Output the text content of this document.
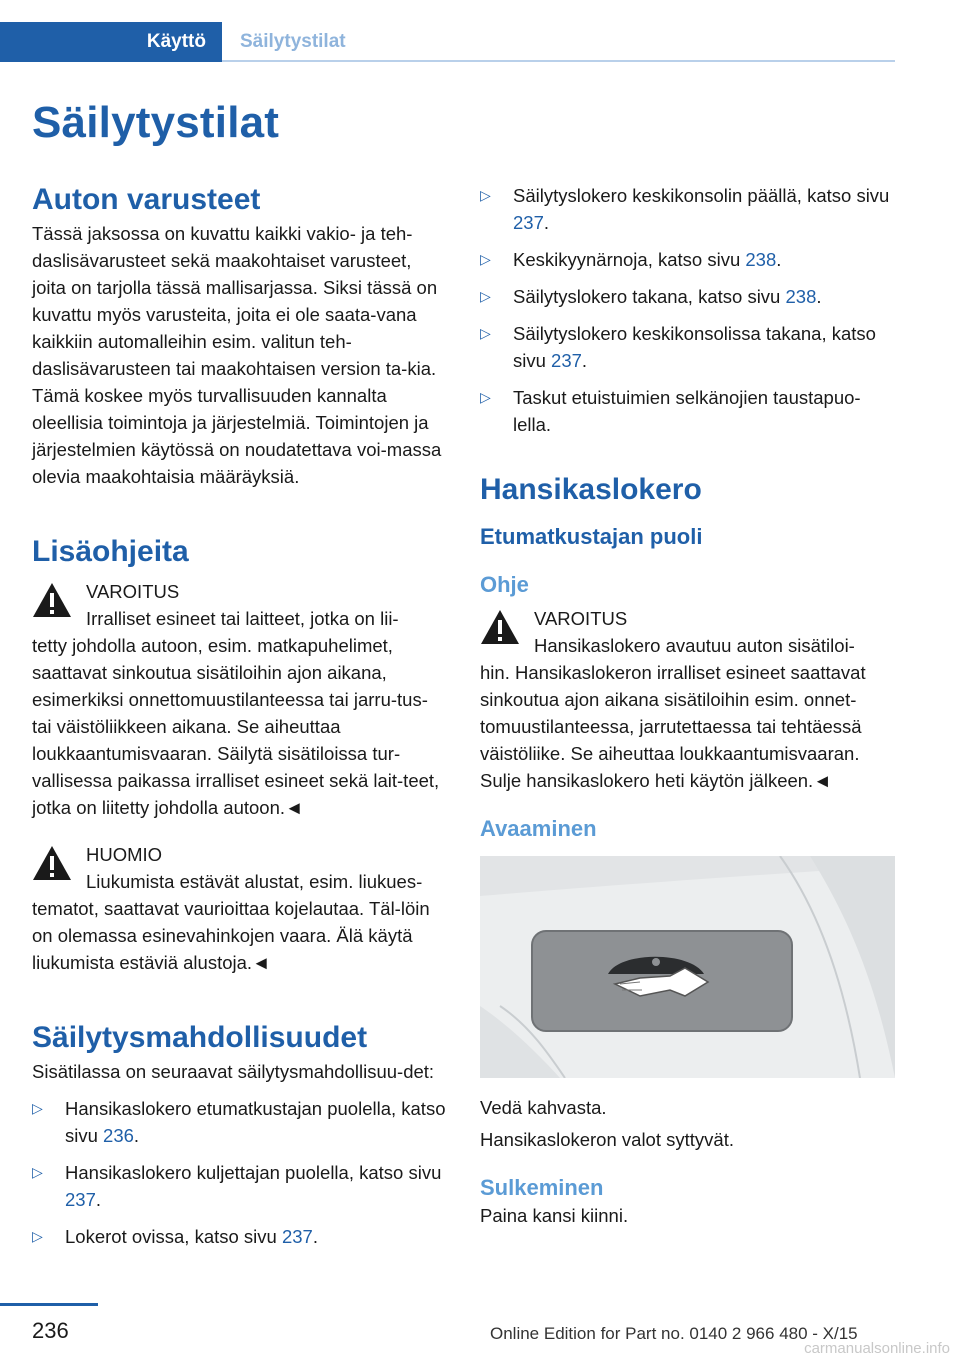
Käyttö	Säilytystilat
Säilytystilat
Auton varusteet

Tässä jaksossa on kuvattu kaikki vakio- ja teh-daslisävarusteet sekä maakohtaiset varusteet, joita on tarjolla tässä mallisarjassa. Siksi tässä on kuvattu myös varusteita, joita ei ole saata-vana kaikkiin automalleihin esim. valitun teh-daslisävarusteen tai maakohtaisen version ta-kia. Tämä koskee myös turvallisuuden kannalta oleellisia toimintoja ja järjestelmiä. Toimintojen ja järjestelmien käytössä on noudatettava voi-massa olevia maakohtaisia määräyksiä.

Lisäohjeita
VAROITUS
Irralliset esineet tai laitteet, jotka on lii-

tetty johdolla autoon, esim. matkapuhelimet, saattavat sinkoutua sisätiloihin ajon aikana, esimerkiksi onnettomuustilanteessa tai jarru-tus- tai väistöliikkeen aikana. Se aiheuttaa loukkaantumisvaaran. Säilytä sisätiloissa tur-vallisessa paikassa irralliset esineet sekä lait-teet, jotka on liitetty johdolla autoon.◄

HUOMIO
Liukumista estävät alustat, esim. liukues-

tematot, saattavat vaurioittaa kojelautaa. Täl-löin on olemassa esinevahinkojen vaara. Älä käytä liukumista estäviä alustoja.◄

Säilytysmahdollisuudet

Sisätilassa on seuraavat säilytysmahdollisuu-det:

▷ Hansikaslokero etumatkustajan puolella, katso sivu 236.
▷ Hansikaslokero kuljettajan puolella, katso sivu 237.
▷ Lokerot ovissa, katso sivu 237.
▷ Säilytyslokero keskikonsolin päällä, katso sivu 237.
▷ Keskikyynärnoja, katso sivu 238.
▷ Säilytyslokero takana, katso sivu 238.
▷ Säilytyslokero keskikonsolissa takana, katso sivu 237.
▷ Taskut etuistuimien selkänojien taustapuo-lella.
Hansikaslokero
Etumatkustajan puoli
Ohje
VAROITUS
Hansikaslokero avautuu auton sisätiloi-

hin. Hansikaslokeron irralliset esineet saattavat sinkoutua ajon aikana sisätiloihin esim. onnet-tomuustilanteessa, jarrutettaessa tai tehtäessä väistöliike. Se aiheuttaa loukkaantumisvaaran. Sulje hansikaslokero heti käytön jälkeen.◄

Avaaminen

Vedä kahvasta.

Hansikaslokeron valot syttyvät.

Sulkeminen

Paina kansi kiinni.

236	Online Edition for Part no. 0140 2 966 480 - X/15
carmanualsonline.info
